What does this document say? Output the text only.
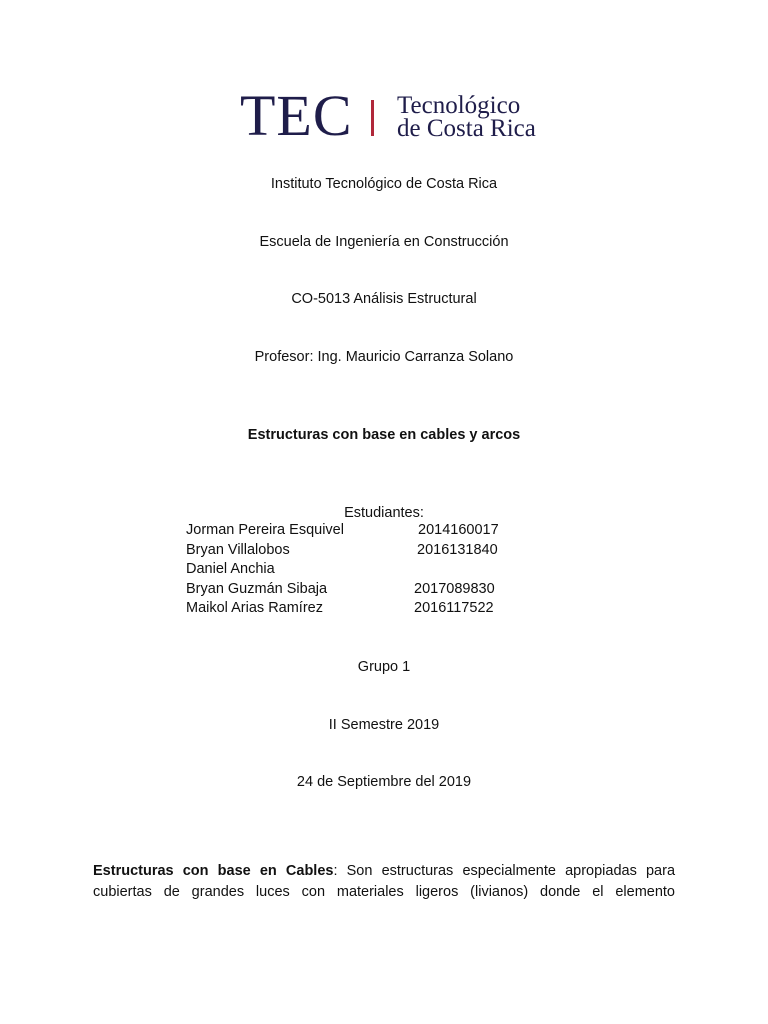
TEC Tecnológico
de Costa Rica
Instituto Tecnológico de Costa Rica
Escuela de Ingeniería en Construcción
CO-5013 Análisis Estructural
Profesor: Ing. Mauricio Carranza Solano
Estructuras con base en cables y arcos
Estudiantes:
Jorman Pereira Esquivel	2014160017
Bryan Villalobos	2016131840
Daniel Anchia
Bryan Guzmán Sibaja	2017089830
Maikol Arias Ramírez	2016117522
Grupo 1
II Semestre 2019
24 de Septiembre del 2019
Estructuras con base en Cables: Son estructuras especialmente apropiadas para
cubiertas de grandes luces con materiales ligeros (livianos) donde el elemento
